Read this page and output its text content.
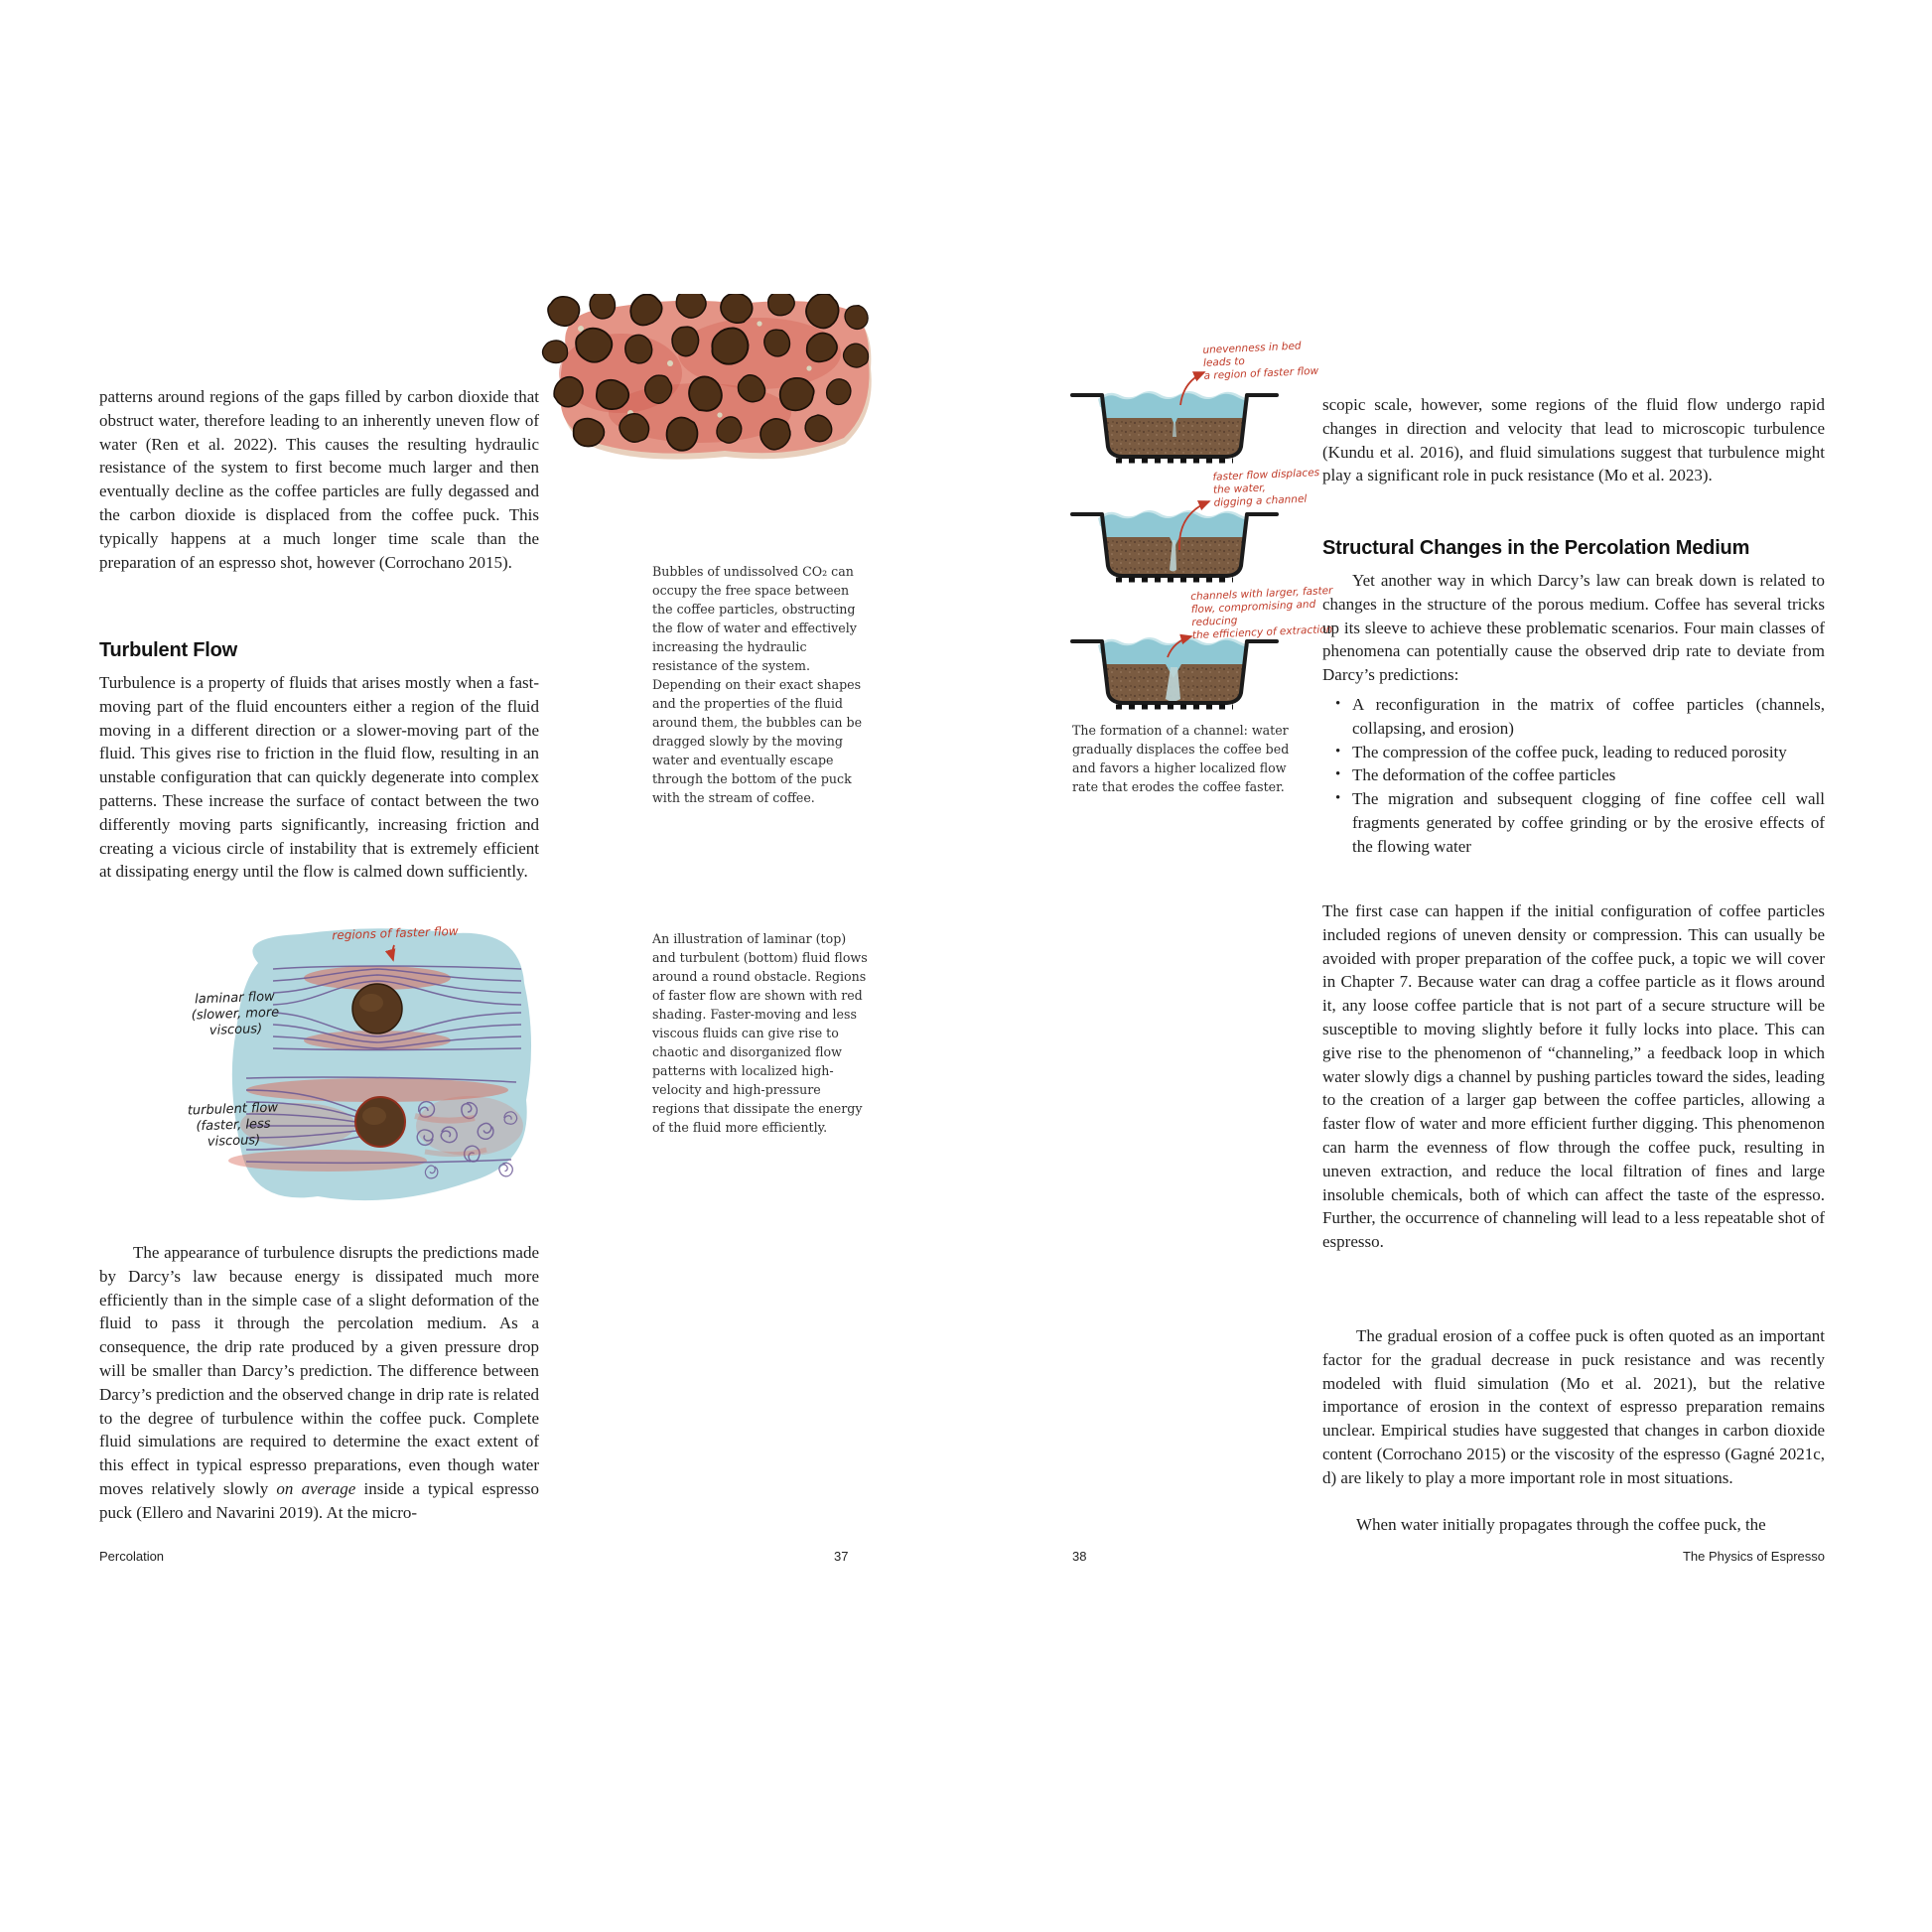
patterns around regions of the gaps filled by carbon dioxide that obstruct water, therefore leading to an inherently uneven flow of water (Ren et al. 2022). This causes the resulting hydraulic resistance of the system to first become much larger and then eventually decline as the coffee particles are fully degassed and the carbon dioxide is displaced from the coffee puck. This typically happens at a much longer time scale than the preparation of an espresso shot, however (Corrochano 2015).

Turbulent Flow

Turbulence is a property of fluids that arises mostly when a fast-moving part of the fluid encounters either a region of the fluid moving in a different direction or a slower-moving part of the fluid. This gives rise to friction in the fluid flow, resulting in an unstable configuration that can quickly degenerate into complex patterns. These increase the surface of contact between the two differently moving parts significantly, increasing friction and creating a vicious circle of instability that is extremely efficient at dissipating energy until the flow is calmed down sufficiently.

Bubbles of undissolved CO₂ can occupy the free space between the coffee particles, obstructing the flow of water and effectively increasing the hydraulic resistance of the system. Depending on their exact shapes and the properties of the fluid around them, the bubbles can be dragged slowly by the moving water and eventually escape through the bottom of the puck with the stream of coffee.

regions of faster flow
laminar flow
(slower, more
viscous)
turbulent flow
(faster, less
viscous)

An illustration of laminar (top) and turbulent (bottom) fluid flows around a round obstacle. Regions of faster flow are shown with red shading. Faster-moving and less viscous fluids can give rise to chaotic and disorganized flow patterns with localized high-velocity and high-pressure regions that dissipate the energy of the fluid more efficiently.

The appearance of turbulence disrupts the predictions made by Darcy’s law because energy is dissipated much more efficiently than in the simple case of a slight deformation of the fluid to pass it through the percolation medium. As a consequence, the drip rate produced by a given pressure drop will be smaller than Darcy’s prediction. The difference between Darcy’s prediction and the observed change in drip rate is related to the degree of turbulence within the coffee puck. Complete fluid simulations are required to determine the exact extent of this effect in typical espresso preparations, even though water moves relatively slowly on average inside a typical espresso puck (Ellero and Navarini 2019). At the micro-

unevenness in bed leads to
a region of faster flow
faster flow displaces the water,
digging a channel
channels with larger, faster
flow, compromising and reducing
the efficiency of extraction

The formation of a channel: water gradually displaces the coffee bed and favors a higher localized flow rate that erodes the coffee faster.

scopic scale, however, some regions of the fluid flow undergo rapid changes in direction and velocity that lead to microscopic turbulence (Kundu et al. 2016), and fluid simulations suggest that turbulence might play a significant role in puck resistance (Mo et al. 2023).

Structural Changes in the Percolation Medium

Yet another way in which Darcy’s law can break down is related to changes in the structure of the porous medium. Coffee has several tricks up its sleeve to achieve these problematic scenarios. Four main classes of phenomena can potentially cause the observed drip rate to deviate from Darcy’s predictions:

• A reconfiguration in the matrix of coffee particles (channels, collapsing, and erosion)
• The compression of the coffee puck, leading to reduced porosity
• The deformation of the coffee particles
• The migration and subsequent clogging of fine coffee cell wall fragments generated by coffee grinding or by the erosive effects of the flowing water

The first case can happen if the initial configuration of coffee particles included regions of uneven density or compression. This can usually be avoided with proper preparation of the coffee puck, a topic we will cover in Chapter 7. Because water can drag a coffee particle as it flows around it, any loose coffee particle that is not part of a secure structure will be susceptible to moving slightly before it fully locks into place. This can give rise to the phenomenon of “channeling,” a feedback loop in which water slowly digs a channel by pushing particles toward the sides, leading to the creation of a larger gap between the coffee particles, allowing a faster flow of water and more efficient further digging. This phenomenon can harm the evenness of flow through the coffee puck, resulting in uneven extraction, and reduce the local filtration of fines and large insoluble chemicals, both of which can affect the taste of the espresso. Further, the occurrence of channeling will lead to a less repeatable shot of espresso.

The gradual erosion of a coffee puck is often quoted as an important factor for the gradual decrease in puck resistance and was recently modeled with fluid simulation (Mo et al. 2021), but the relative importance of erosion in the context of espresso preparation remains unclear. Empirical studies have suggested that changes in carbon dioxide content (Corrochano 2015) or the viscosity of the espresso (Gagné 2021c, d) are likely to play a more important role in most situations.

When water initially propagates through the coffee puck, the

Percolation	37	38	The Physics of Espresso
